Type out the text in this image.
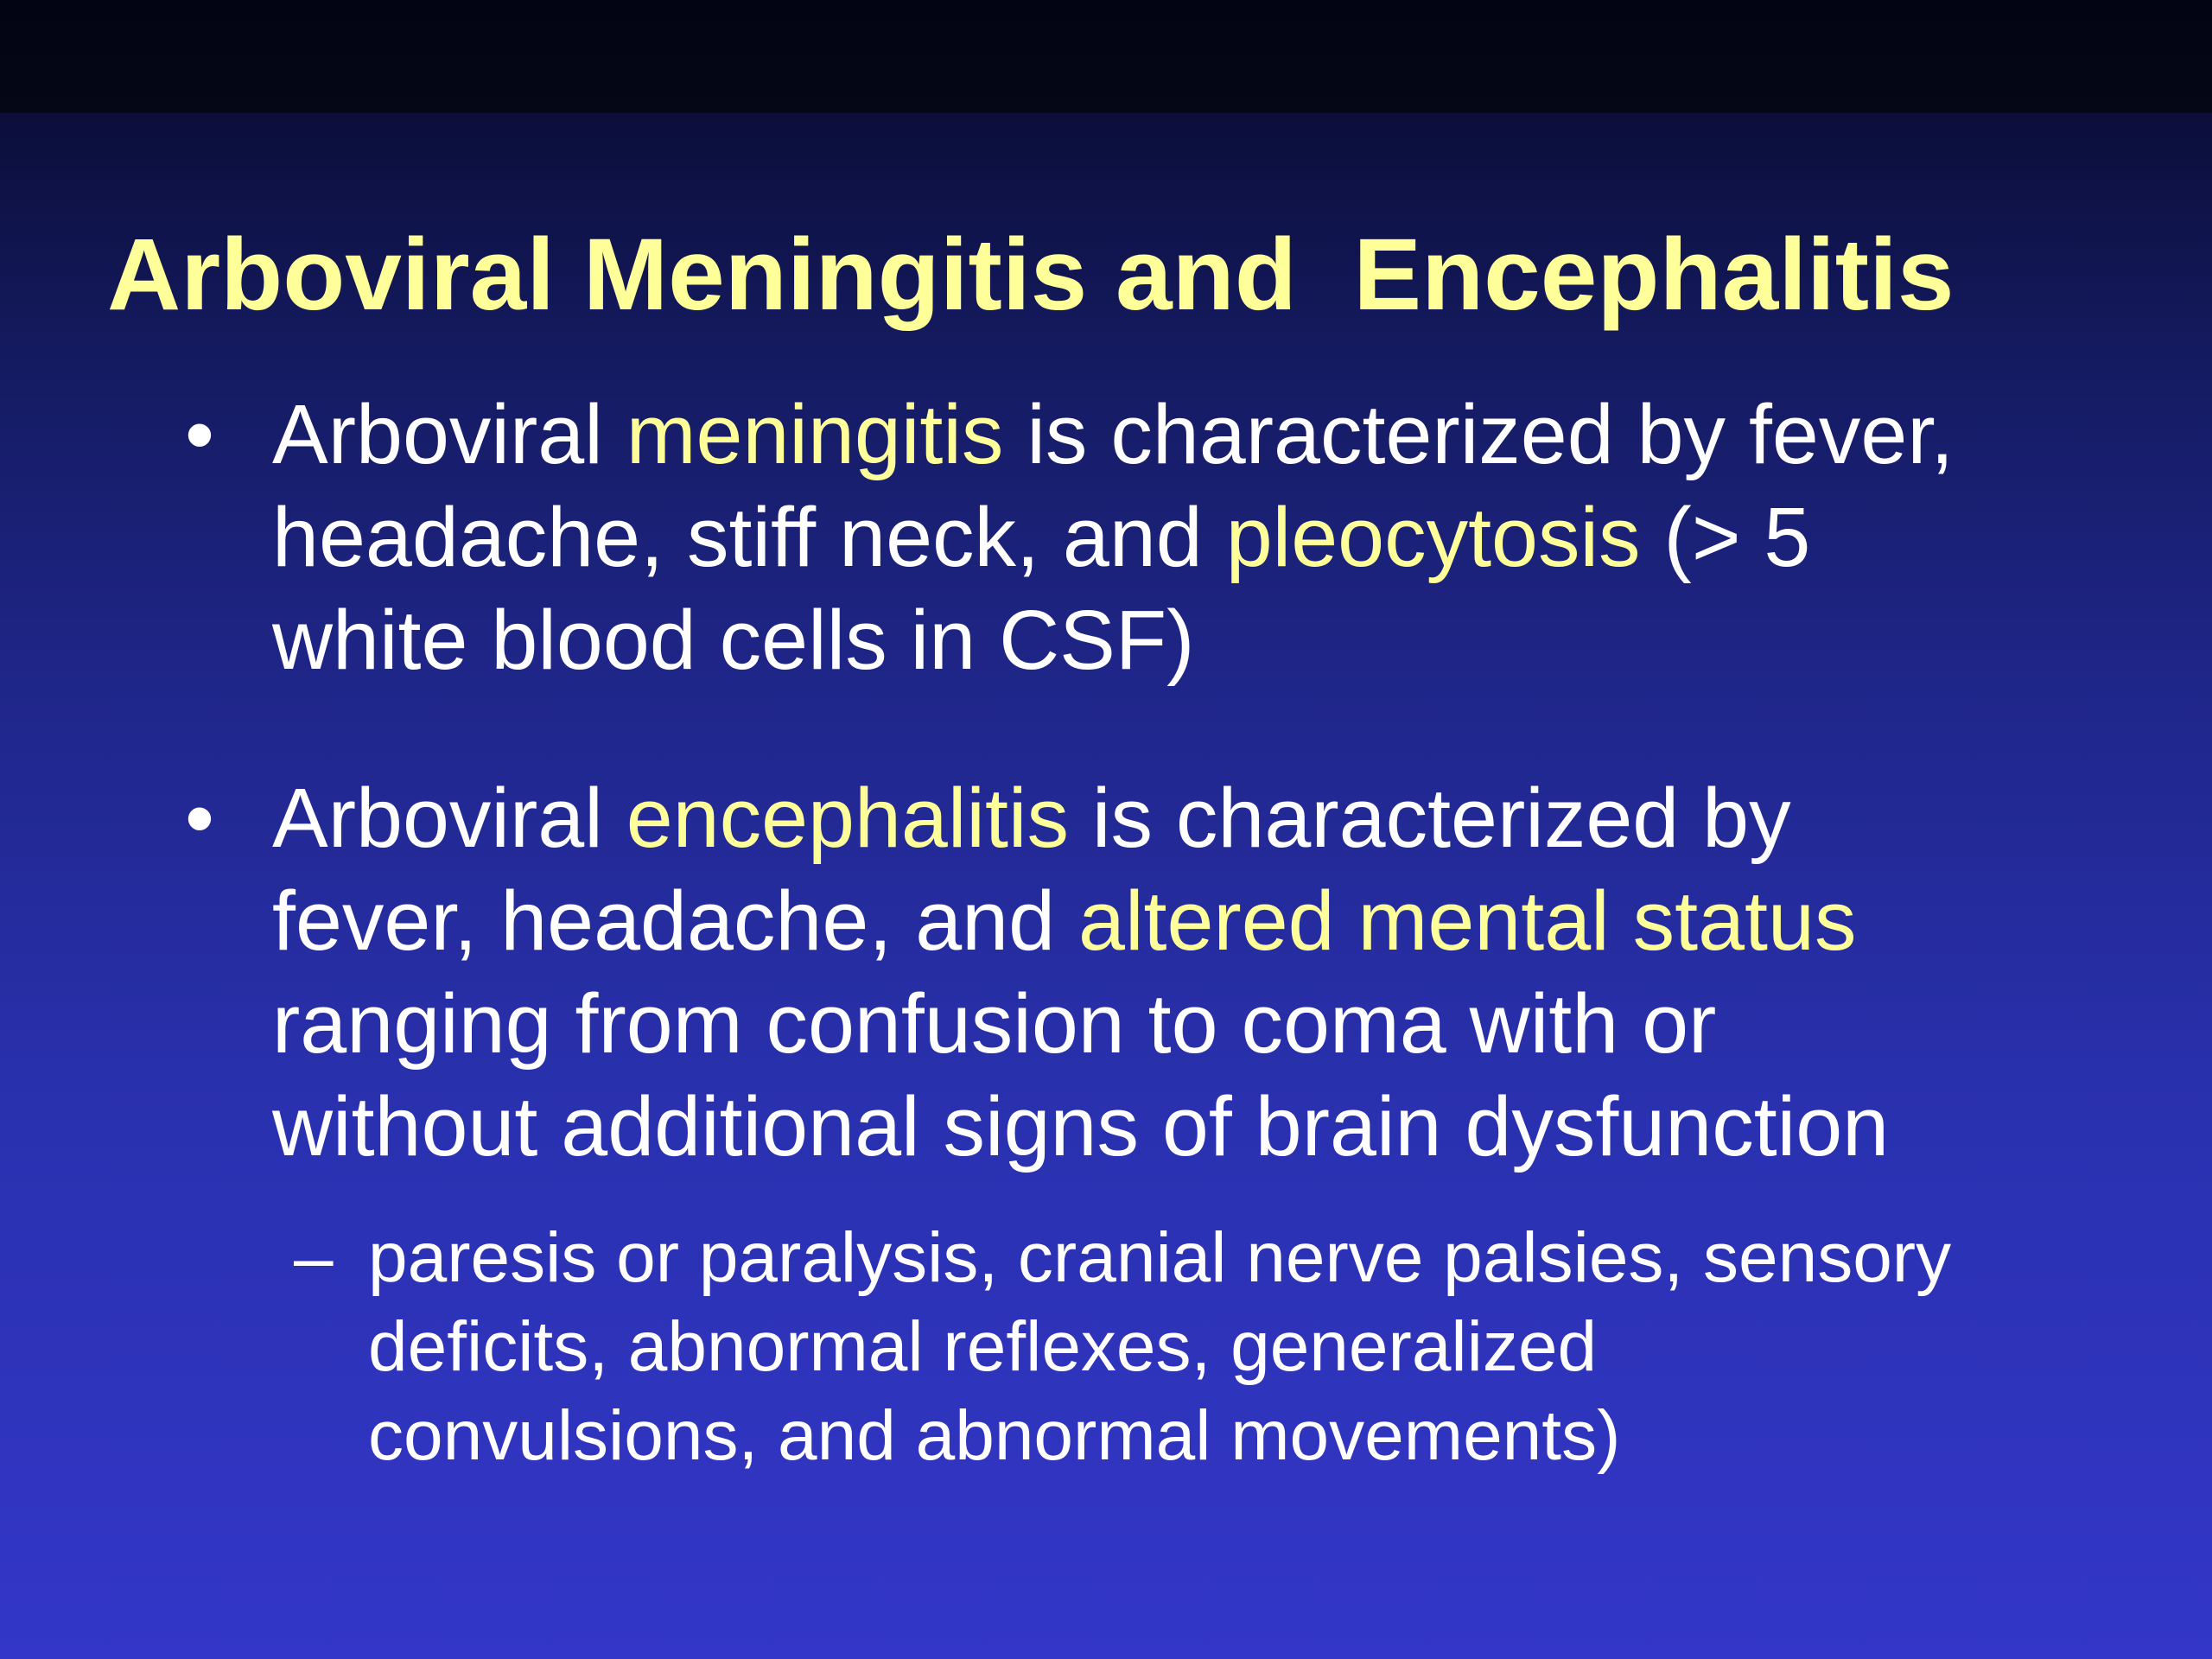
Arboviral Meningitis and  Encephalitis
• Arboviral meningitis is characterized by fever,
headache, stiff neck, and pleocytosis (> 5
white blood cells in CSF)
• Arboviral encephalitis is characterized by
fever, headache, and altered mental status
ranging from confusion to coma with or
without additional signs of brain dysfunction
– paresis or paralysis, cranial nerve palsies, sensory
deficits, abnormal reflexes, generalized
convulsions, and abnormal movements)
